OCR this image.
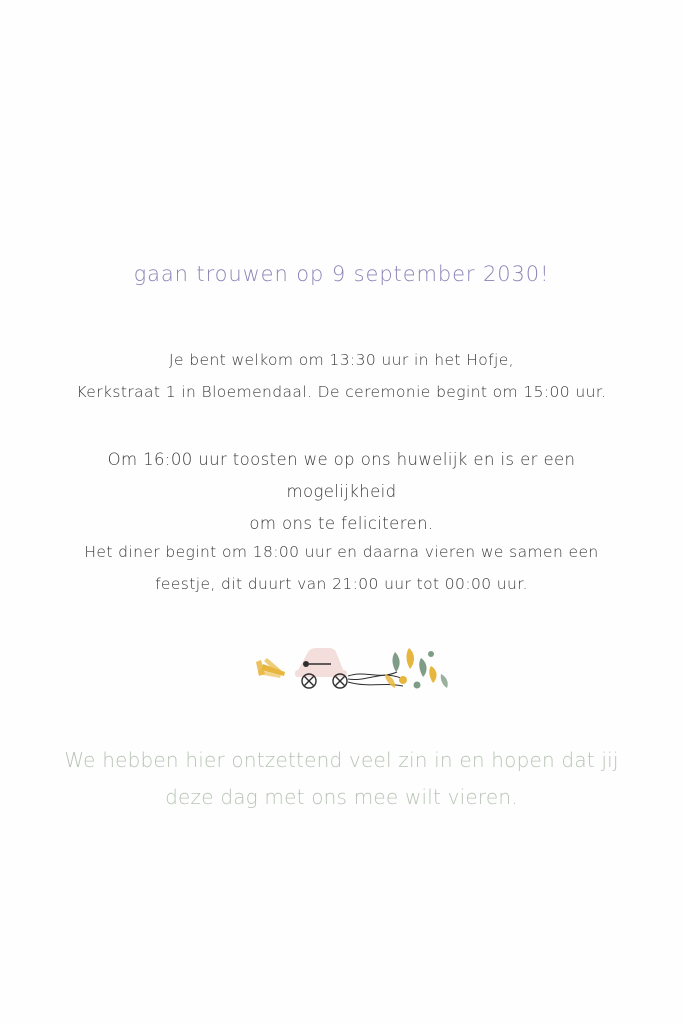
gaan trouwen op 9 september 2030!
Je bent welkom om 13:30 uur in het Hofje,
Kerkstraat 1 in Bloemendaal. De ceremonie begint om 15:00 uur.
Om 16:00 uur toosten we op ons huwelijk en is er een mogelijkheid
om ons te feliciteren.
Het diner begint om 18:00 uur en daarna vieren we samen een
feestje, dit duurt van 21:00 uur tot 00:00 uur.
We hebben hier ontzettend veel zin in en hopen dat jij deze dag met ons mee wilt vieren.
